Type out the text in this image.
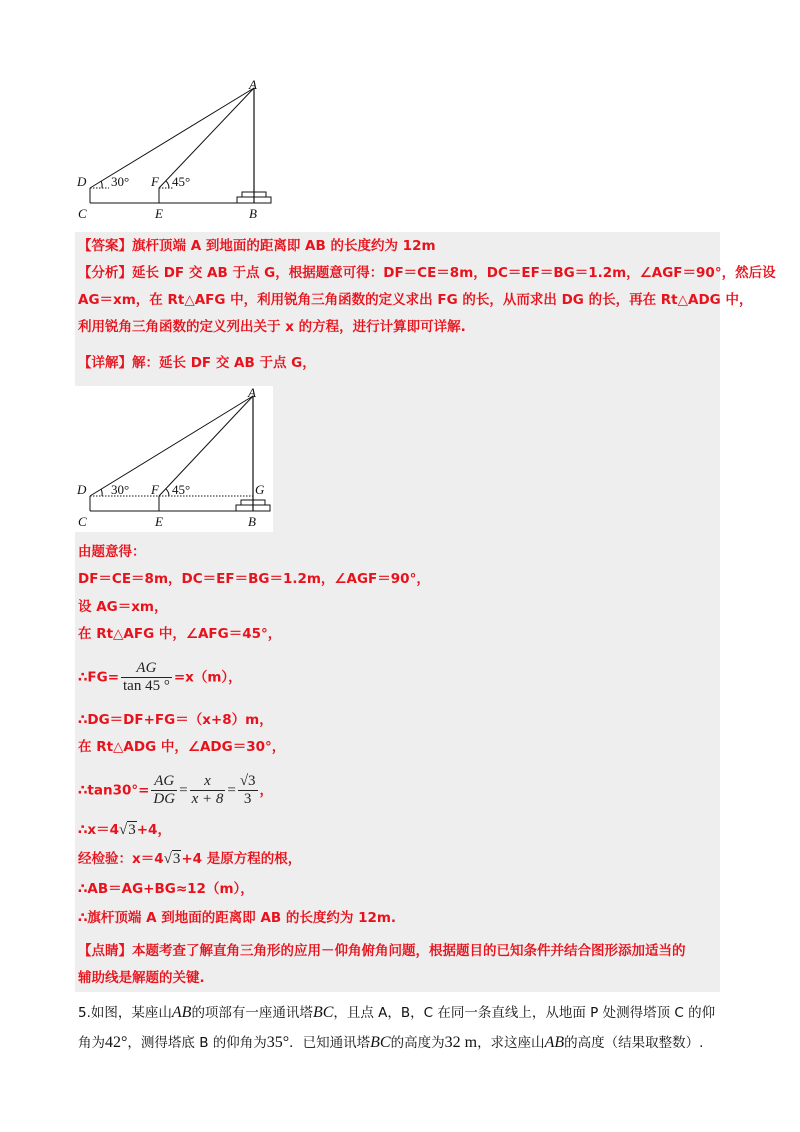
A
D 30° F 45°
C	E	B
【答案】旗杆顶端 A 到地面的距离即 AB 的长度约为 12m
【分析】延长 DF 交 AB 于点 G，根据题意可得：DF＝CE＝8m，DC＝EF＝BG＝1.2m，∠AGF＝90°，然后设
AG＝xm，在 Rt△AFG 中，利用锐角三角函数的定义求出 FG 的长，从而求出 DG 的长，再在 Rt△ADG 中，
利用锐角三角函数的定义列出关于 x 的方程，进行计算即可详解.
【详解】解：延长 DF 交 AB 于点 G，
A
D 30° F 45°	G
C	E	B
由题意得：
DF＝CE＝8m，DC＝EF＝BG＝1.2m，∠AGF＝90°，
设 AG＝xm，
在 Rt△AFG 中，∠AFG＝45°，
∴FG= $\frac{AG}{\tan 45 ^\circ} =x(m)$，
∴DG＝DF+FG＝（x+8）m，
在 Rt△ADG 中，∠ADG＝30°，
∴tan30°= $\frac{AG}{DG} = \frac{x}{x + 8} = \frac{√3}{3}$ ，
∴x＝4√3+4，
经检验：x＝4√3+4 是原方程的根，
∴AB＝AG+BG≈12（m），
∴旗杆顶端 A 到地面的距离即 AB 的长度约为 12m.
【点睛】本题考查了解直角三角形的应用－仰角俯角问题，根据题目的已知条件并结合图形添加适当的
辅助线是解题的关键.
5.如图，某座山AB的项部有一座通讯塔BC，且点 A，B，C 在同一条直线上，从地面 P 处测得塔顶 C 的仰
角为42°，测得塔底 B 的仰角为35°．已知通讯塔BC的高度为32 m，求这座山AB的高度（结果取整数）.
